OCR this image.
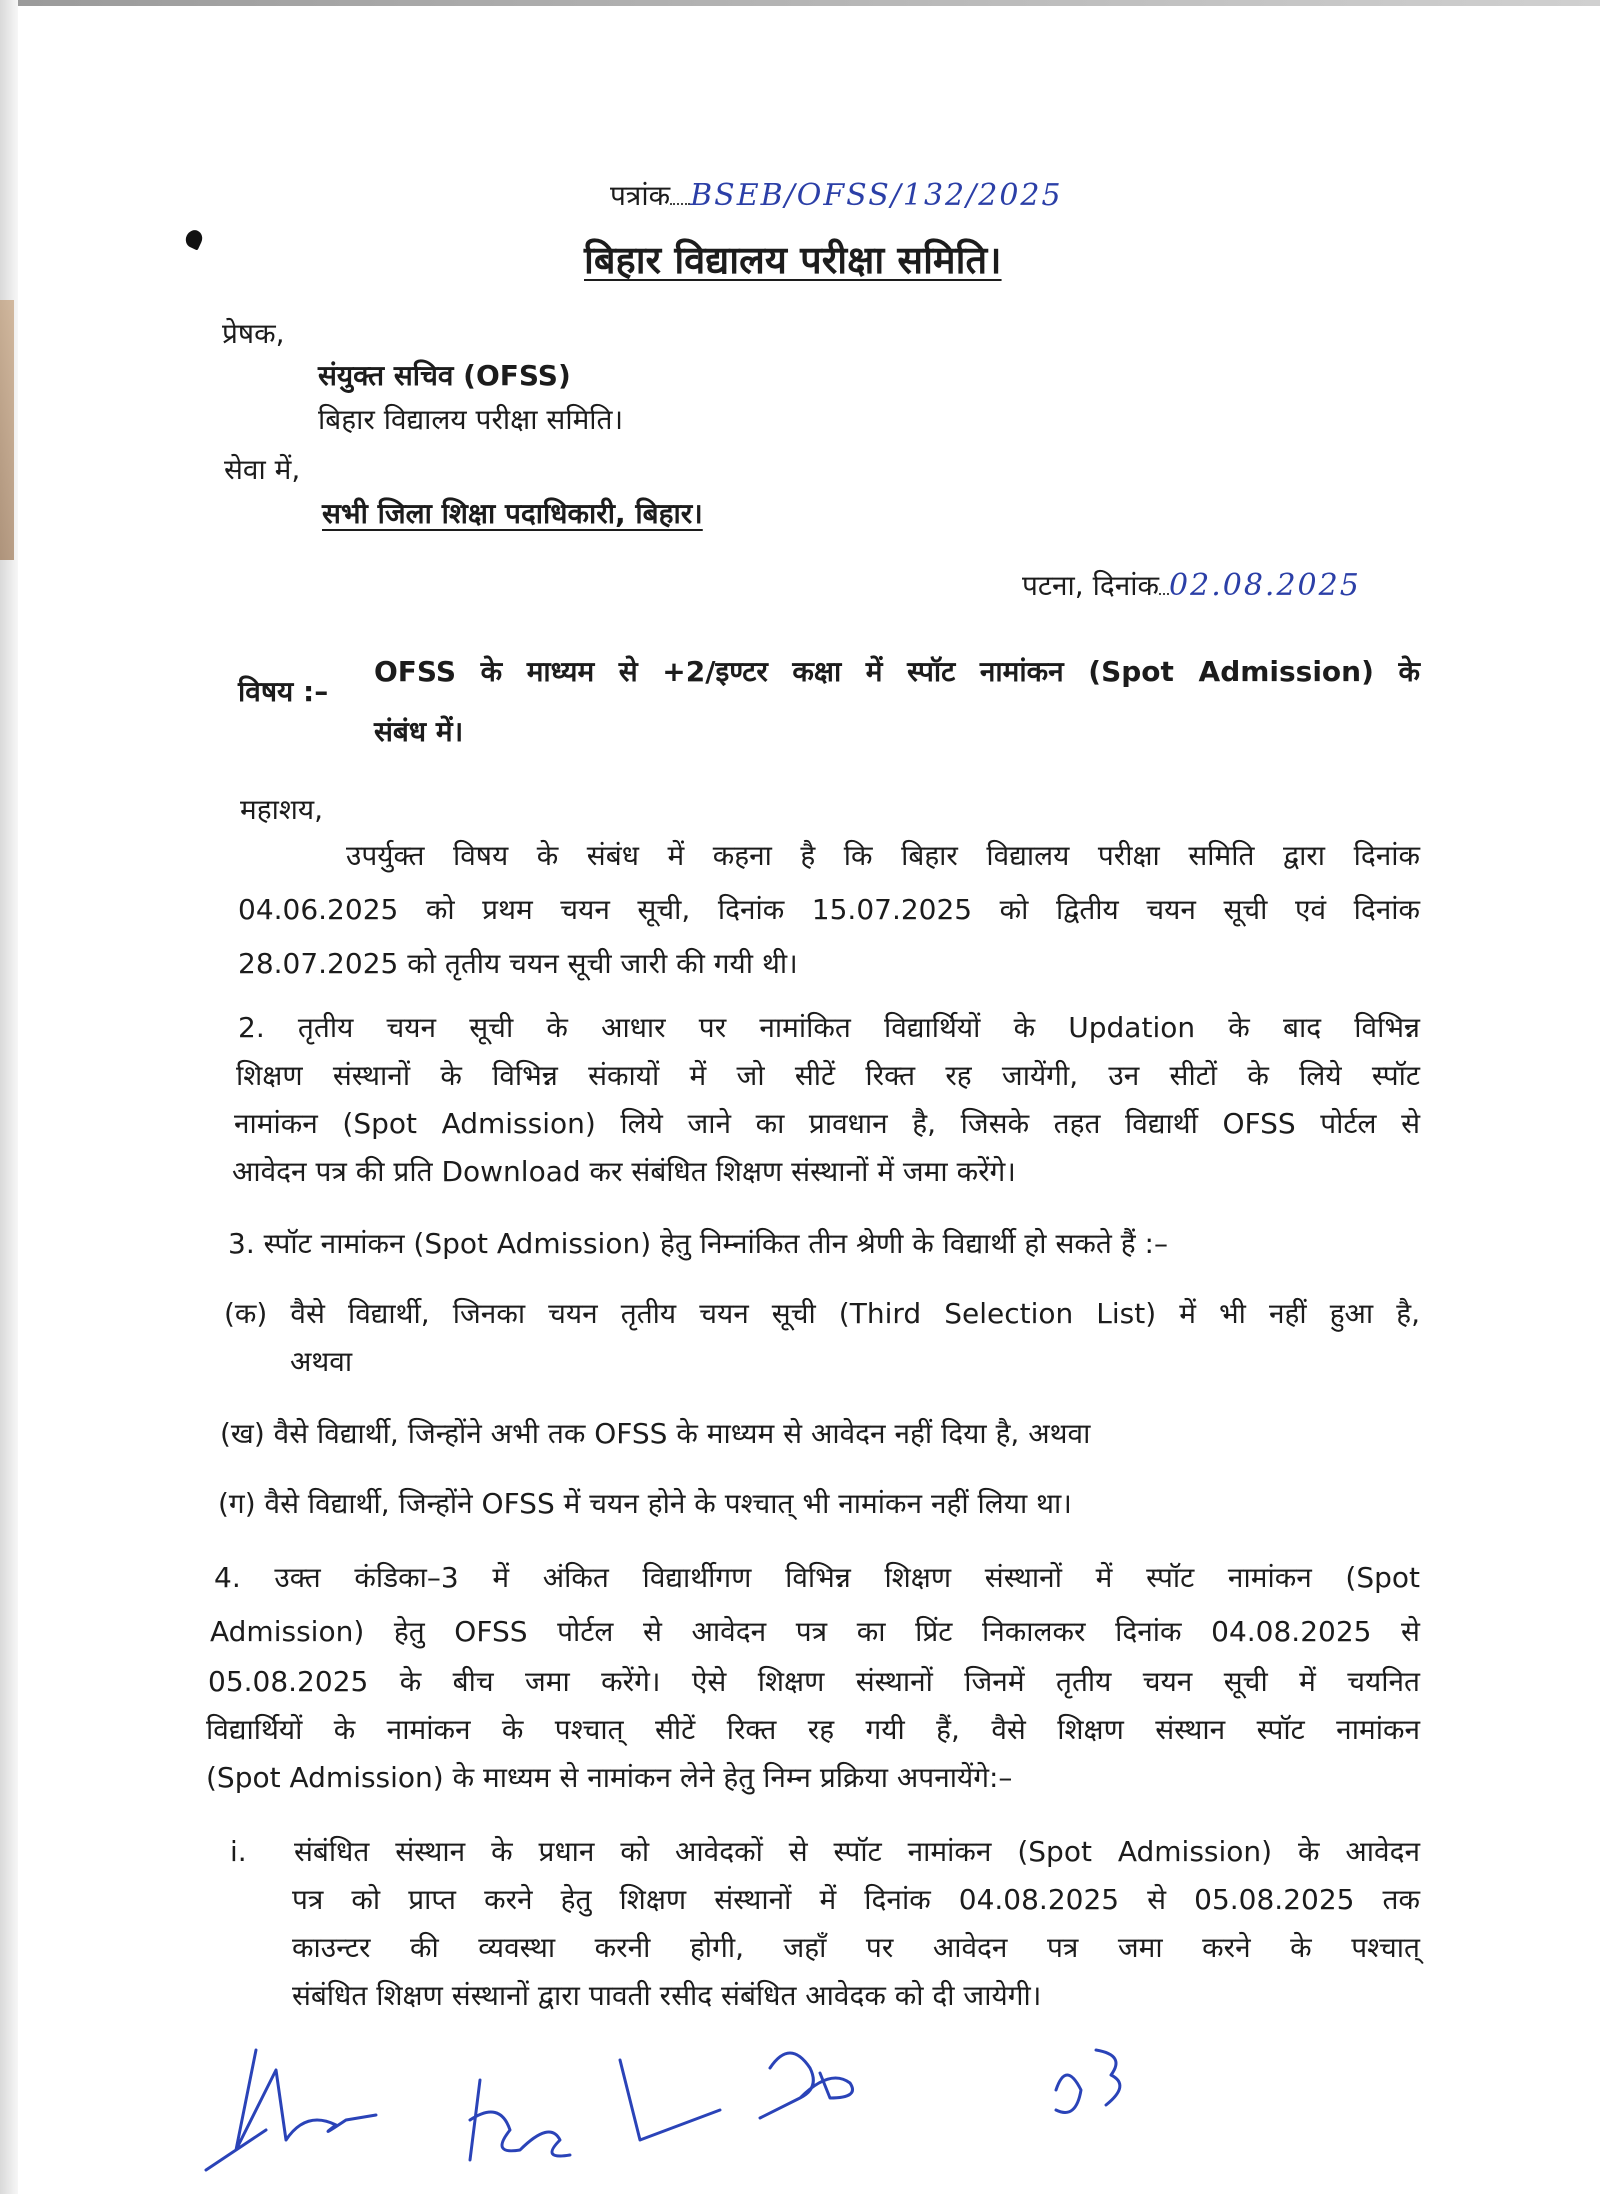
पत्रांक BSEB/OFSS/132/2025
बिहार विद्यालय परीक्षा समिति।
प्रेषक,
संयुक्त सचिव (OFSS)
बिहार विद्यालय परीक्षा समिति।
सेवा में,
सभी जिला शिक्षा पदाधिकारी, बिहार।
पटना, दिनांक 02.08.2025
विषय :–
OFSS के माध्यम से +2/इण्टर कक्षा में स्पॉट नामांकन (Spot Admission) के
संबंध में।
महाशय,
उपर्युक्त विषय के संबंध में कहना है कि बिहार विद्यालय परीक्षा समिति द्वारा दिनांक
04.06.2025 को प्रथम चयन सूची, दिनांक 15.07.2025 को द्वितीय चयन सूची एवं दिनांक
28.07.2025 को तृतीय चयन सूची जारी की गयी थी।
2. तृतीय चयन सूची के आधार पर नामांकित विद्यार्थियों के Updation के बाद विभिन्न
शिक्षण संस्थानों के विभिन्न संकायों में जो सीटें रिक्त रह जायेंगी, उन सीटों के लिये स्पॉट
नामांकन (Spot Admission) लिये जाने का प्रावधान है, जिसके तहत विद्यार्थी OFSS पोर्टल से
आवेदन पत्र की प्रति Download कर संबंधित शिक्षण संस्थानों में जमा करेंगे।
3. स्पॉट नामांकन (Spot Admission) हेतु निम्नांकित तीन श्रेणी के विद्यार्थी हो सकते हैं :–
(क) वैसे विद्यार्थी, जिनका चयन तृतीय चयन सूची (Third Selection List) में भी नहीं हुआ है,
अथवा
(ख) वैसे विद्यार्थी, जिन्होंने अभी तक OFSS के माध्यम से आवेदन नहीं दिया है, अथवा
(ग) वैसे विद्यार्थी, जिन्होंने OFSS में चयन होने के पश्चात् भी नामांकन नहीं लिया था।
4. उक्त कंडिका–3 में अंकित विद्यार्थीगण विभिन्न शिक्षण संस्थानों में स्पॉट नामांकन (Spot
Admission) हेतु OFSS पोर्टल से आवेदन पत्र का प्रिंट निकालकर दिनांक 04.08.2025 से
05.08.2025 के बीच जमा करेंगे। ऐसे शिक्षण संस्थानों जिनमें तृतीय चयन सूची में चयनित
विद्यार्थियों के नामांकन के पश्चात् सीटें रिक्त रह गयी हैं, वैसे शिक्षण संस्थान स्पॉट नामांकन
(Spot Admission) के माध्यम से नामांकन लेने हेतु निम्न प्रक्रिया अपनायेंगे:–
i. संबंधित संस्थान के प्रधान को आवेदकों से स्पॉट नामांकन (Spot Admission) के आवेदन
पत्र को प्राप्त करने हेतु शिक्षण संस्थानों में दिनांक 04.08.2025 से 05.08.2025 तक
काउन्टर की व्यवस्था करनी होगी, जहाँ पर आवेदन पत्र जमा करने के पश्चात्
संबंधित शिक्षण संस्थानों द्वारा पावती रसीद संबंधित आवेदक को दी जायेगी।
